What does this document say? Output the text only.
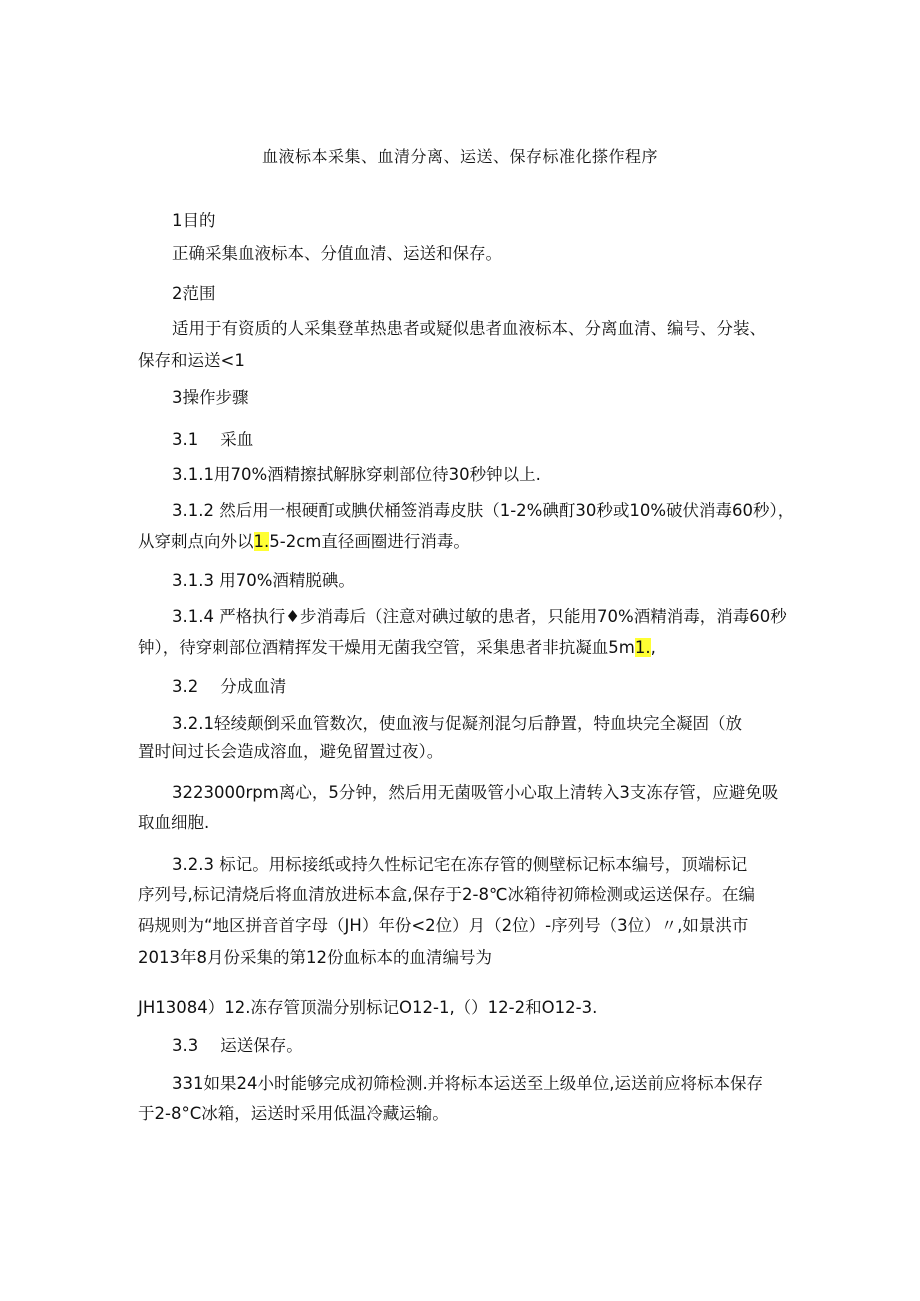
血液标本采集、血清分离、运送、保存标准化搽作程序
1目的
正确采集血液标本、分值血清、运送和保存。
2范围
适用于有资质的人采集登革热患者或疑似患者血液标本、分离血清、编号、分装、
保存和运送<1
3操作步骤
3.1 采血
3.1.1用70%酒精擦拭解脉穿刺部位待30秒钟以上.
3.1.2 然后用一根硬酊或腆伏桶签消毒皮肤（1-2%碘酊30秒或10%破伏消毒60秒），
从穿刺点向外以1.5-2cm直径画圈进行消毒。
3.1.3 用70%酒精脱碘。
3.1.4 严格执行♦步消毒后（注意对碘过敏的患者，只能用70%酒精消毒，消毒60秒
钟），待穿刺部位酒精挥发干燥用无菌我空管，采集患者非抗凝血5m1.,
3.2 分成血清
3.2.1轻绫颠倒采血管数次，使血液与促凝剂混匀后静置，特血块完全凝固（放
置时间过长会造成溶血，避免留置过夜）。
3223000rpm离心，5分钟，然后用无菌吸管小心取上清转入3支冻存管，应避免吸
取血细胞.
3.2.3 标记。用标接纸或持久性标记宅在冻存管的侧壁标记标本编号，顶端标记
序列号,标记清烧后将血清放进标本盒,保存于2-8℃冰箱待初筛检测或运送保存。在编
码规则为“地区拼音首字母（JH）年份<2位）月（2位）-序列号（3位）〃,如景洪市
2013年8月份采集的第12份血标本的血清编号为
JH13084）12.冻存管顶湍分别标记O12-1,（）12-2和O12-3.
3.3 运送保存。
331如果24小时能够完成初筛检测.并将标本运送至上级单位,运送前应将标本保存
于2-8°C冰箱，运送时采用低温冷藏运输。
